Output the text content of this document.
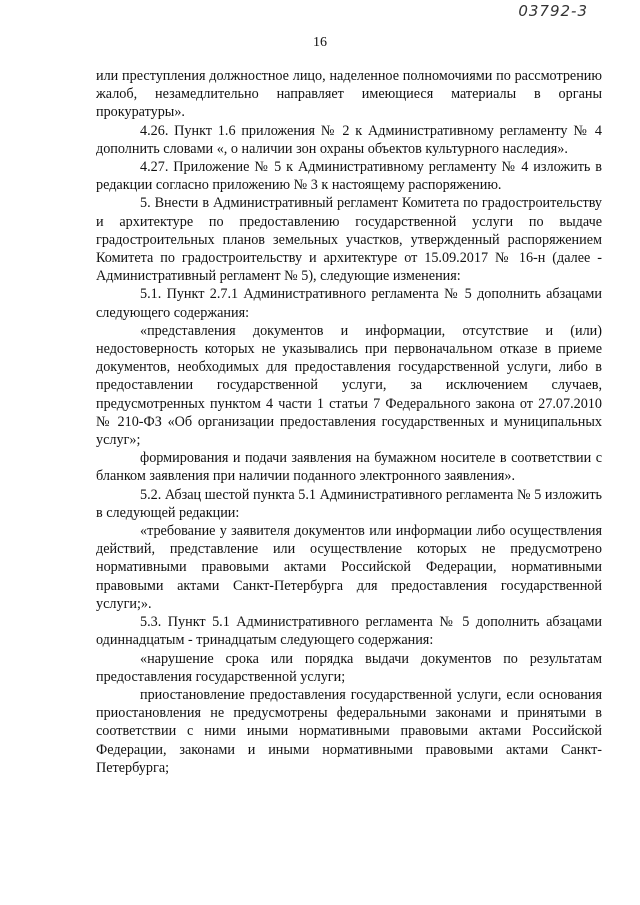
03792-3
16

или преступления должностное лицо, наделенное полномочиями по рассмотрению жалоб, незамедлительно направляет имеющиеся материалы в органы прокуратуры».

4.26. Пункт 1.6 приложения № 2 к Административному регламенту № 4 дополнить словами «, о наличии зон охраны объектов культурного наследия».

4.27. Приложение № 5 к Административному регламенту № 4 изложить в редакции согласно приложению № 3 к настоящему распоряжению.

5. Внести в Административный регламент Комитета по градостроительству и архитектуре по предоставлению государственной услуги по выдаче градостроительных планов земельных участков, утвержденный распоряжением Комитета по градостроительству и архитектуре от 15.09.2017 № 16-н (далее - Административный регламент № 5), следующие изменения:

5.1. Пункт 2.7.1 Административного регламента № 5 дополнить абзацами следующего содержания:

«представления документов и информации, отсутствие и (или) недостоверность которых не указывались при первоначальном отказе в приеме документов, необходимых для предоставления государственной услуги, либо в предоставлении государственной услуги, за исключением случаев, предусмотренных пунктом 4 части 1 статьи 7 Федерального закона от 27.07.2010 № 210-ФЗ «Об организации предоставления государственных и муниципальных услуг»;

формирования и подачи заявления на бумажном носителе в соответствии с бланком заявления при наличии поданного электронного заявления».

5.2. Абзац шестой пункта 5.1 Административного регламента № 5 изложить в следующей редакции:

«требование у заявителя документов или информации либо осуществления действий, представление или осуществление которых не предусмотрено нормативными правовыми актами Российской Федерации, нормативными правовыми актами Санкт-Петербурга для предоставления государственной услуги;».

5.3. Пункт 5.1 Административного регламента № 5 дополнить абзацами одиннадцатым - тринадцатым следующего содержания:

«нарушение срока или порядка выдачи документов по результатам предоставления государственной услуги;

приостановление предоставления государственной услуги, если основания приостановления не предусмотрены федеральными законами и принятыми в соответствии с ними иными нормативными правовыми актами Российской Федерации, законами и иными нормативными правовыми актами Санкт-Петербурга;
